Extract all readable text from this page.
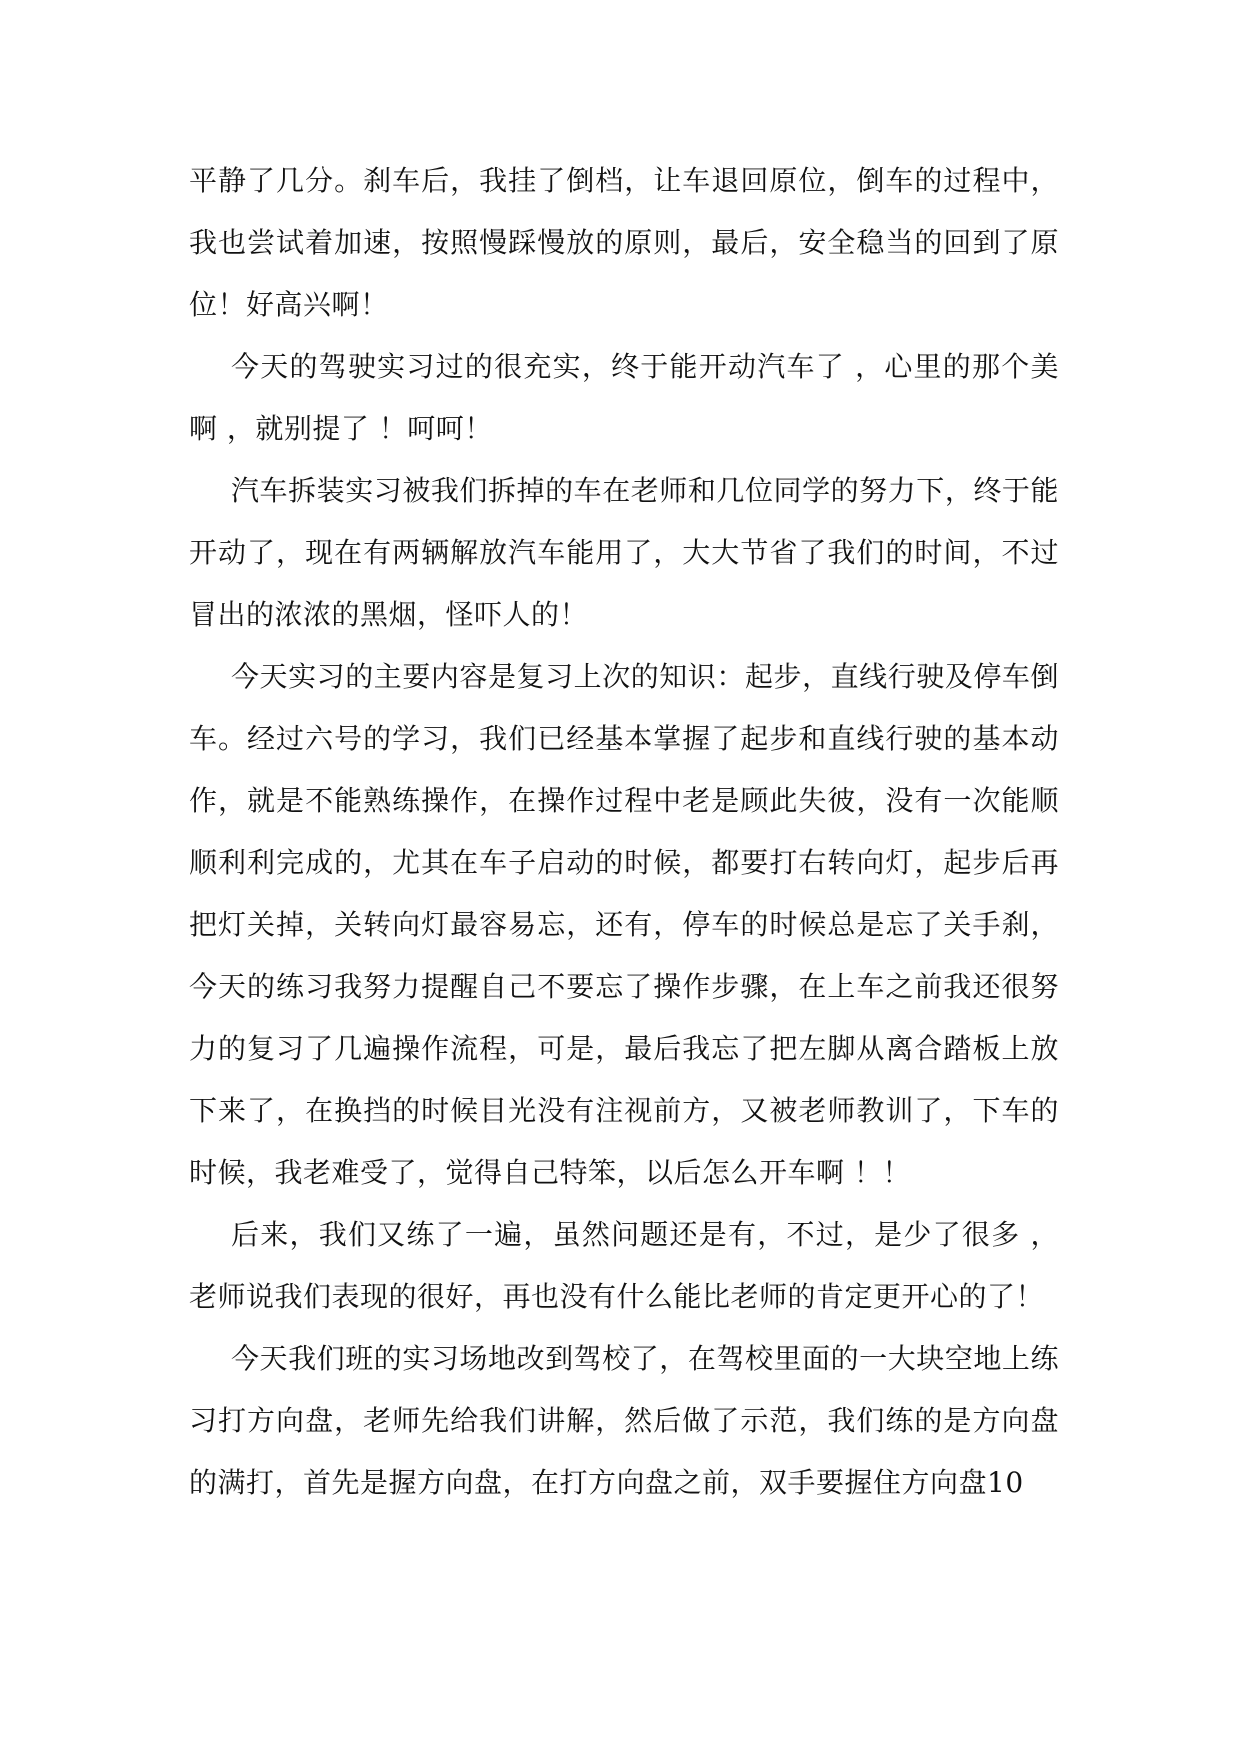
平静了几分。刹车后，我挂了倒档，让车退回原位，倒车的过程中，我也尝试着加速，按照慢踩慢放的原则，最后，安全稳当的回到了原位！好高兴啊！

今天的驾驶实习过的很充实，终于能开动汽车了 ，心里的那个美啊 ，就别提了 ！呵呵！

汽车拆装实习被我们拆掉的车在老师和几位同学的努力下，终于能开动了，现在有两辆解放汽车能用了，大大节省了我们的时间，不过冒出的浓浓的黑烟，怪吓人的！

今天实习的主要内容是复习上次的知识：起步，直线行驶及停车倒车。经过六号的学习，我们已经基本掌握了起步和直线行驶的基本动作，就是不能熟练操作，在操作过程中老是顾此失彼，没有一次能顺顺利利完成的，尤其在车子启动的时候，都要打右转向灯，起步后再把灯关掉，关转向灯最容易忘，还有，停车的时候总是忘了关手刹，今天的练习我努力提醒自己不要忘了操作步骤，在上车之前我还很努力的复习了几遍操作流程，可是，最后我忘了把左脚从离合踏板上放下来了，在换挡的时候目光没有注视前方，又被老师教训了，下车的时候，我老难受了，觉得自己特笨，以后怎么开车啊 ！！

后来，我们又练了一遍，虽然问题还是有，不过，是少了很多 ，老师说我们表现的很好，再也没有什么能比老师的肯定更开心的了！

今天我们班的实习场地改到驾校了，在驾校里面的一大块空地上练习打方向盘，老师先给我们讲解，然后做了示范，我们练的是方向盘的满打，首先是握方向盘，在打方向盘之前，双手要握住方向盘10
